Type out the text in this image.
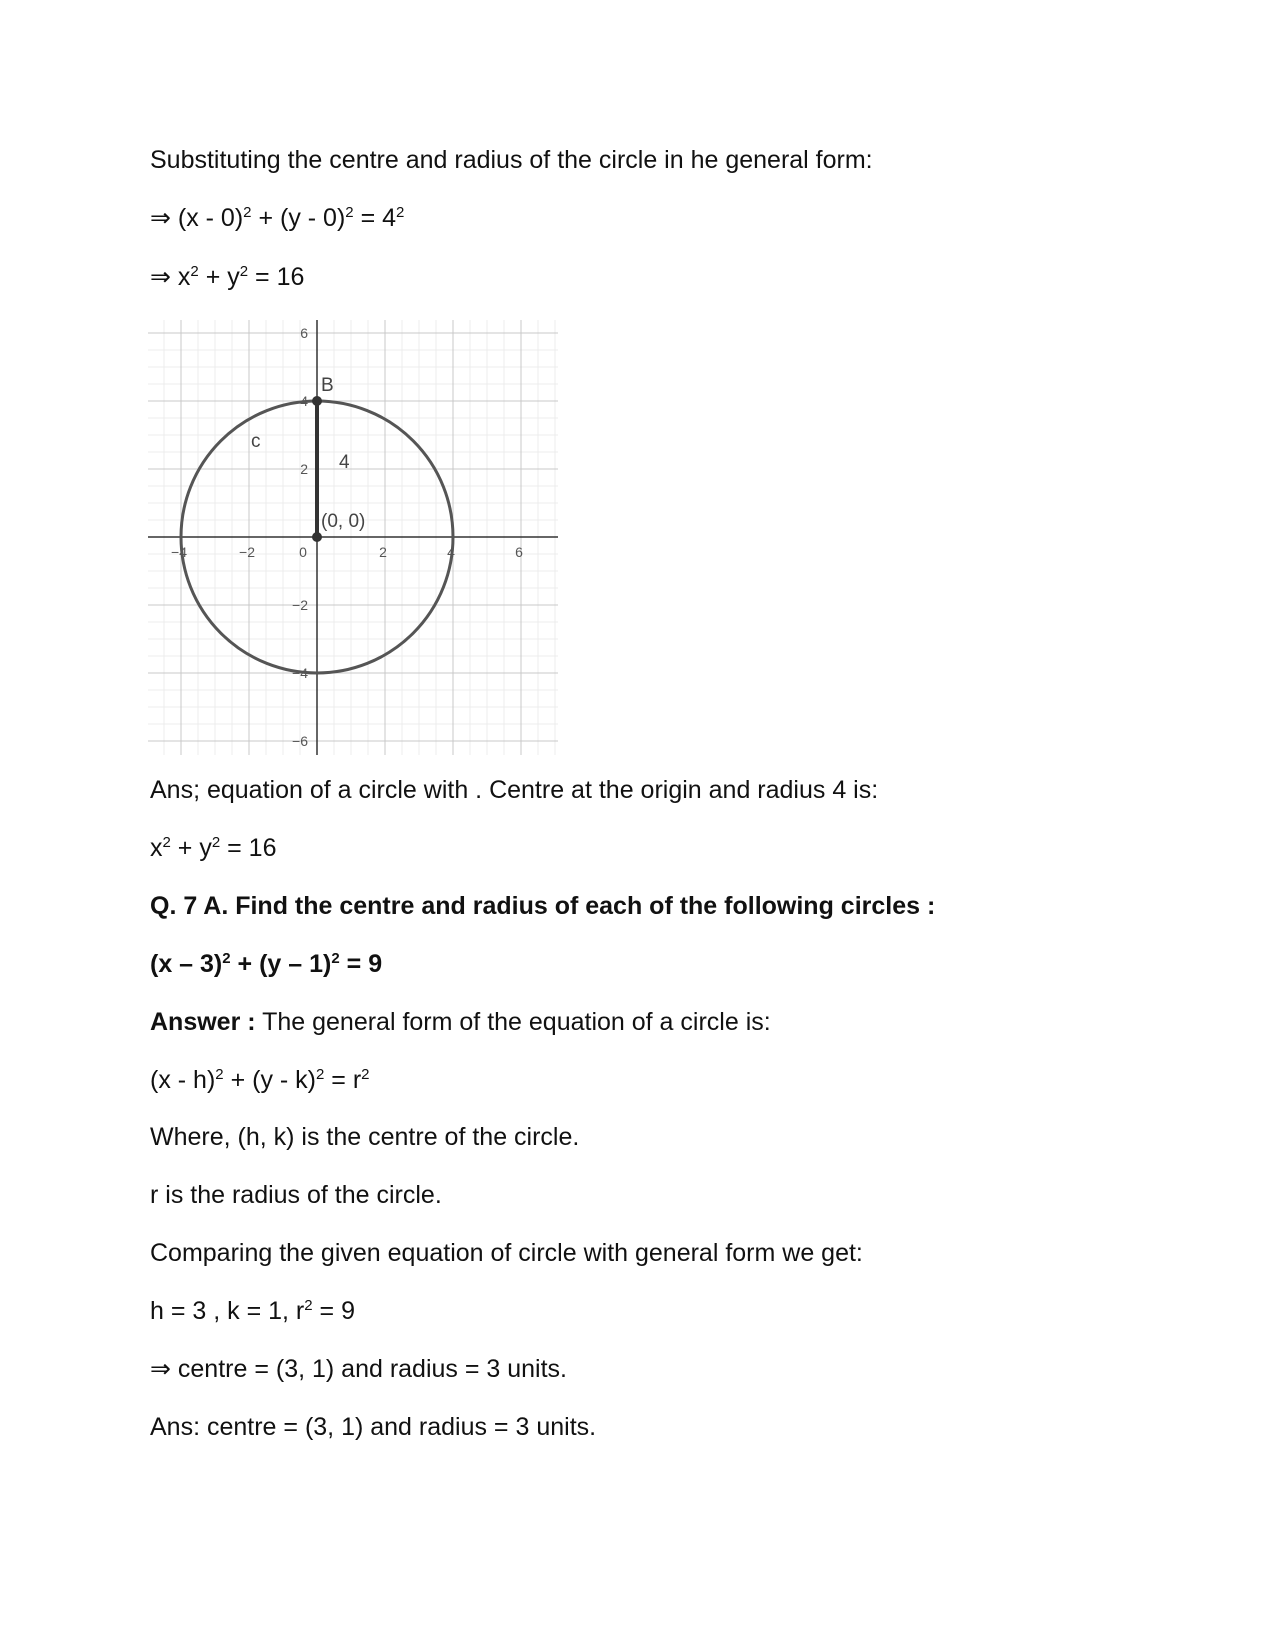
Substituting the centre and radius of the circle in he general form:
⇒ $(x - 0)^2 + (y - 0)^2 = 4^2$
⇒ $x^2 + y^2 = 16$
−4	−2	0	2	4	6
6
4
2
−2
−4
−6
B
c
4
(0, 0)
Ans; equation of a circle with . Centre at the origin and radius 4 is:
$x^2 + y^2 = 16$
Q. 7 A. Find the centre and radius of each of the following circles :
(x – 3)$^2$ + (y – 1)$^2$ = 9
Answer : The general form of the equation of a circle is:
$(x - h)^2 + (y - k)^2 = r^2$
Where, (h, k) is the centre of the circle.
r is the radius of the circle.
Comparing the given equation of circle with general form we get:
h = 3 , k = 1, $r^2 = 9$
⇒ centre = (3, 1) and radius = 3 units.
Ans: centre = (3, 1) and radius = 3 units.
